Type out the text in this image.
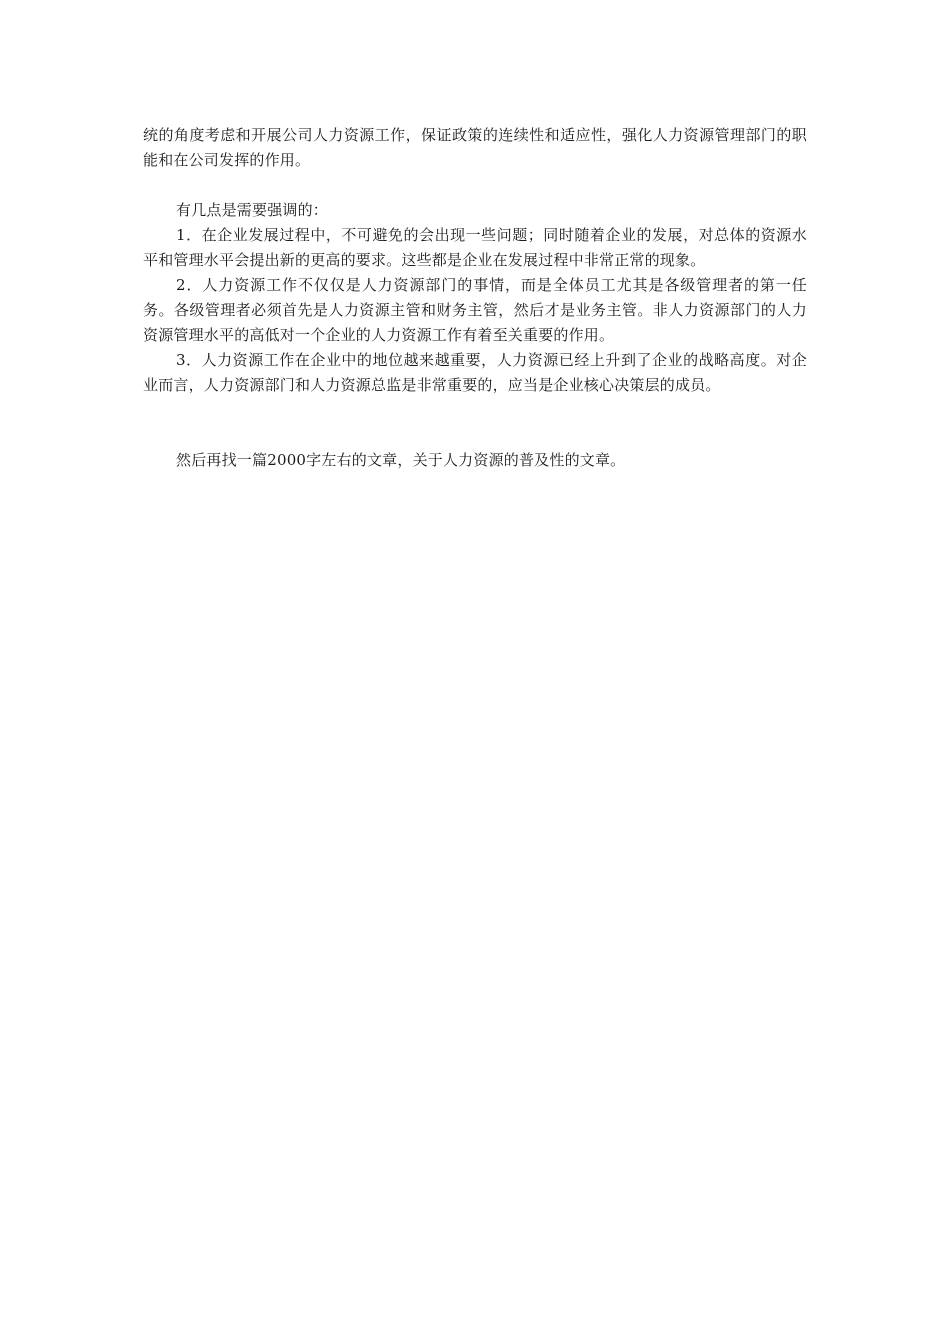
统的角度考虑和开展公司人力资源工作，保证政策的连续性和适应性，强化人力资源管理部门的职能和在公司发挥的作用。

有几点是需要强调的：

1．在企业发展过程中，不可避免的会出现一些问题；同时随着企业的发展，对总体的资源水平和管理水平会提出新的更高的要求。这些都是企业在发展过程中非常正常的现象。

2．人力资源工作不仅仅是人力资源部门的事情，而是全体员工尤其是各级管理者的第一任务。各级管理者必须首先是人力资源主管和财务主管，然后才是业务主管。非人力资源部门的人力资源管理水平的高低对一个企业的人力资源工作有着至关重要的作用。

3．人力资源工作在企业中的地位越来越重要，人力资源已经上升到了企业的战略高度。对企业而言，人力资源部门和人力资源总监是非常重要的，应当是企业核心决策层的成员。

然后再找一篇2000字左右的文章，关于人力资源的普及性的文章。
